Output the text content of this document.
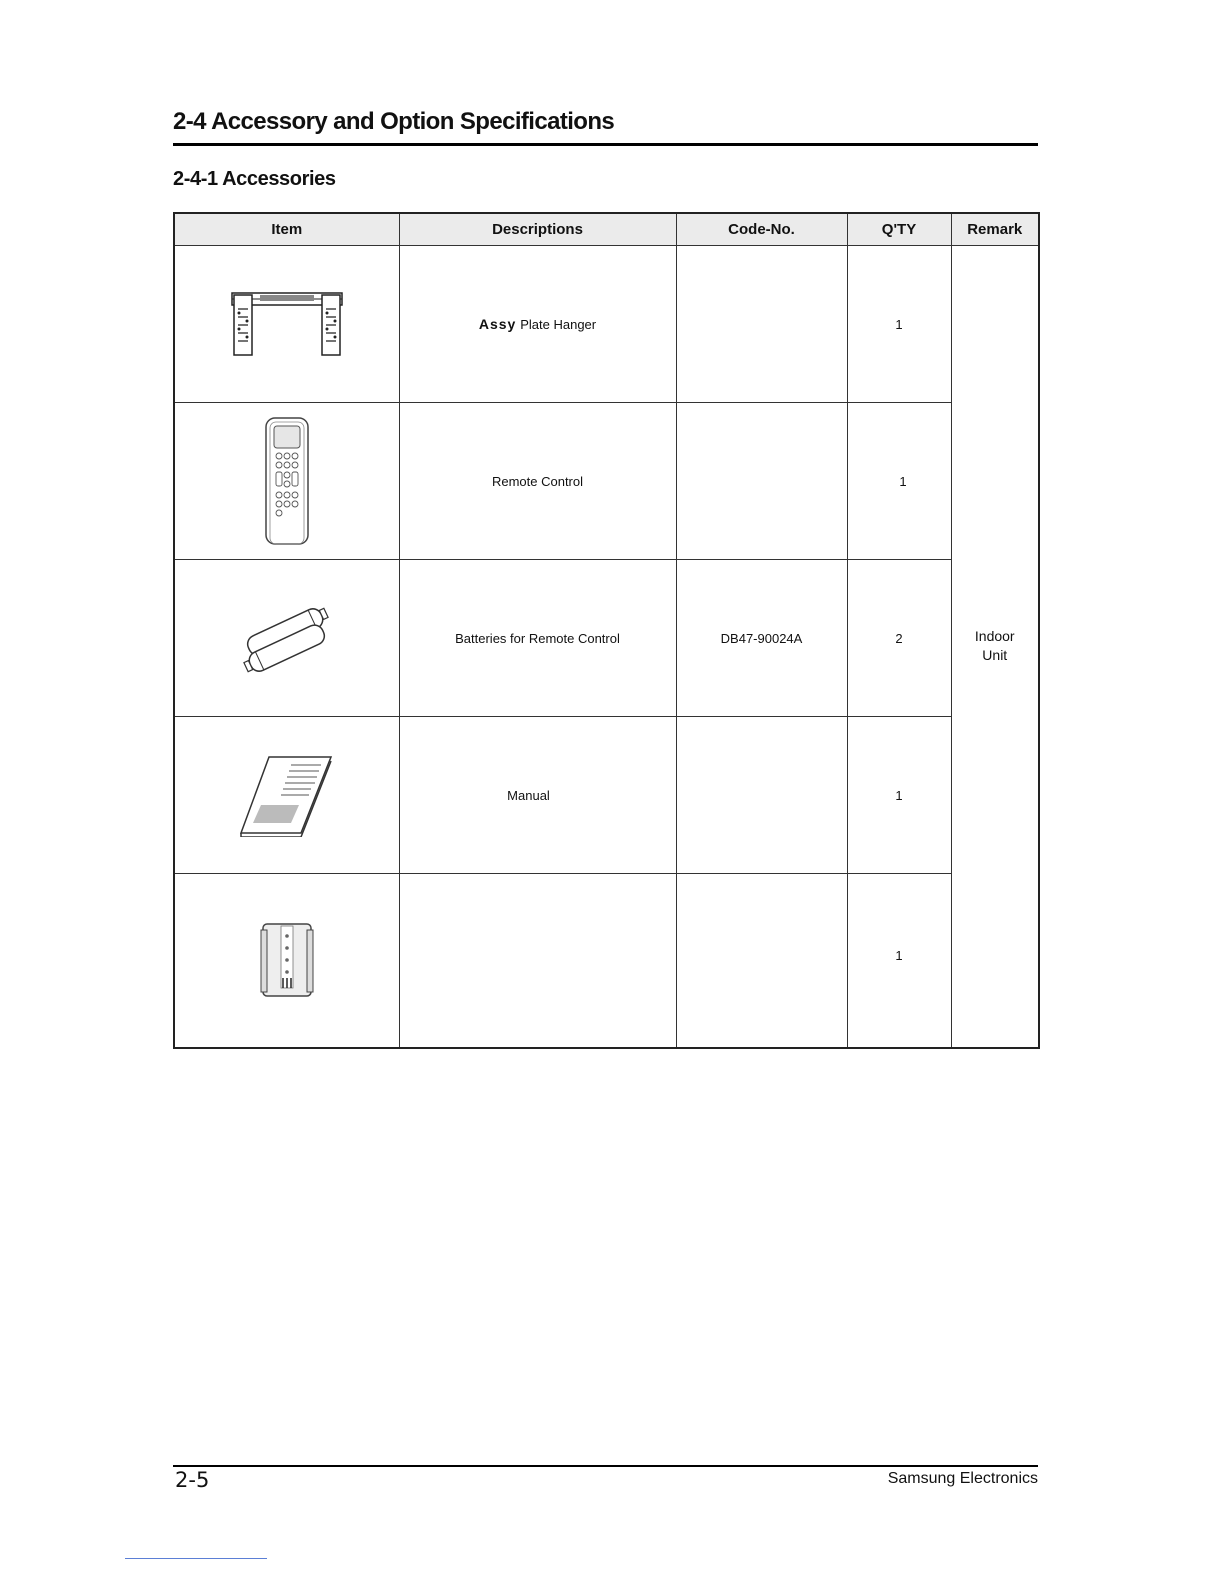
2-4 Accessory and Option Specifications
2-4-1 Accessories
Item	Descriptions	Code-No.	Q'TY	Remark

	Assy Plate Hanger		1	Indoor
Unit

	Remote Control		1	

	Batteries for Remote Control	DB47-90024A	2	

	Manual		1	

			1	
2-5	Samsung Electronics
